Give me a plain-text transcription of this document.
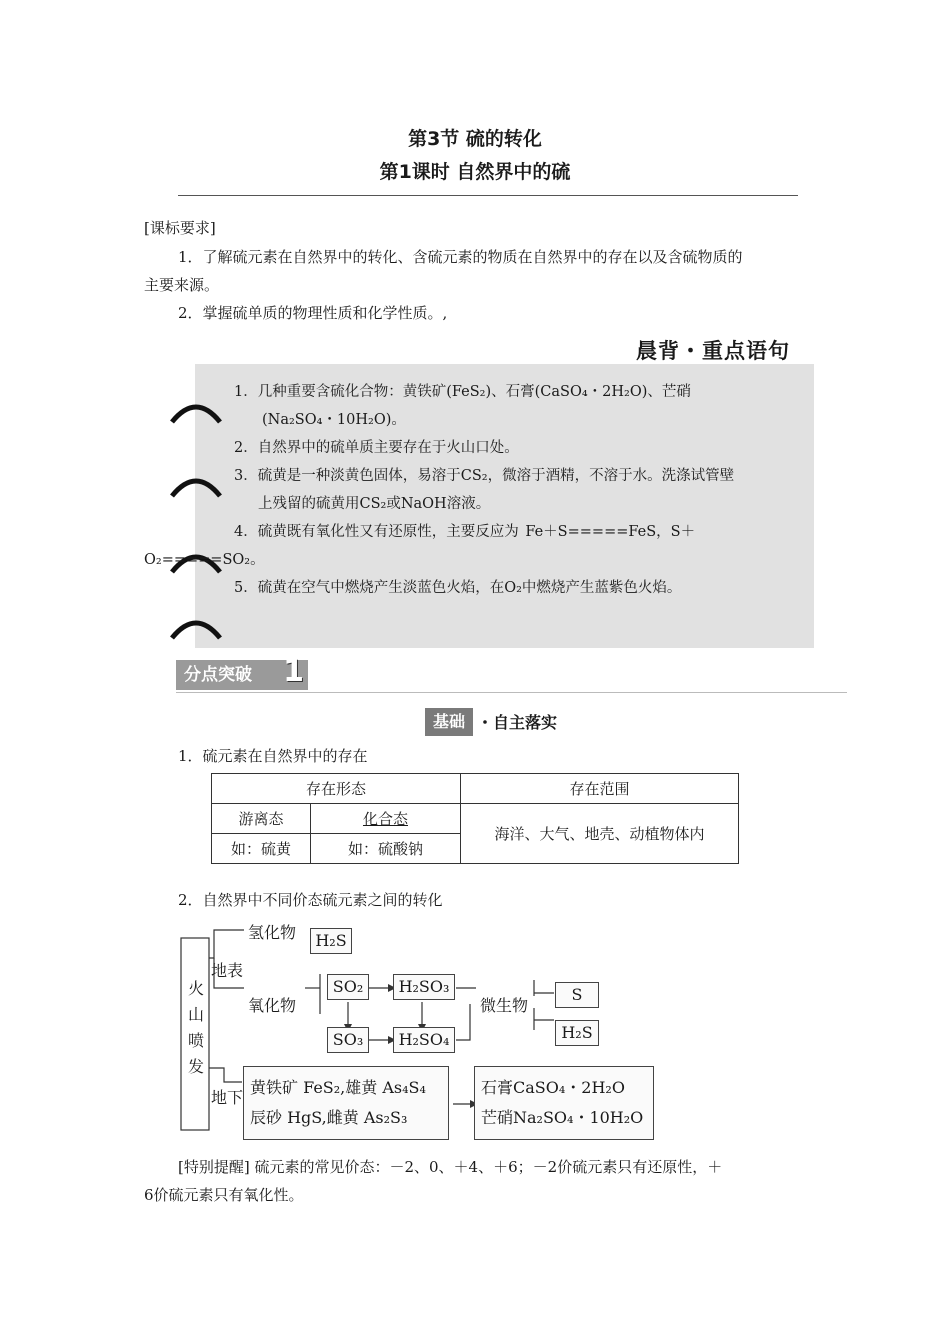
第3节 硫的转化
第1课时 自然界中的硫
[课标要求]
1．了解硫元素在自然界中的转化、含硫元素的物质在自然界中的存在以及含硫物质的
主要来源。
2．掌握硫单质的物理性质和化学性质。,
晨背・重点语句
1．几种重要含硫化合物：黄铁矿(FeS₂)、石膏(CaSO₄・2H₂O)、芒硝
(Na₂SO₄・10H₂O)。
2．自然界中的硫单质主要存在于火山口处。
3．硫黄是一种淡黄色固体，易溶于CS₂，微溶于酒精，不溶于水。洗涤试管壁
上残留的硫黄用CS₂或NaOH溶液。
4．硫黄既有氧化性又有还原性，主要反应为 Fe＋S=====FeS，S＋
O₂=====SO₂。
5．硫黄在空气中燃烧产生淡蓝色火焰，在O₂中燃烧产生蓝紫色火焰。
分点突破 1
基础 ・自主落实
1．硫元素在自然界中的存在
存在形态		存在范围
游离态	化合态	海洋、大气、地壳、动植物体内
如：硫黄	如：硫酸钠	
2．自然界中不同价态硫元素之间的转化
火
山
喷
发
地表
氢化物	H₂S
氧化物
SO₂	H₂SO₃
SO₃	H₂SO₄
微生物
S
H₂S
地下
黄铁矿 FeS₂,雄黄 As₄S₄
辰砂 HgS,雌黄 As₂S₃
石膏CaSO₄・2H₂O
芒硝Na₂SO₄・10H₂O
[特别提醒] 硫元素的常见价态：－2、0、＋4、＋6；－2价硫元素只有还原性，＋
6价硫元素只有氧化性。
